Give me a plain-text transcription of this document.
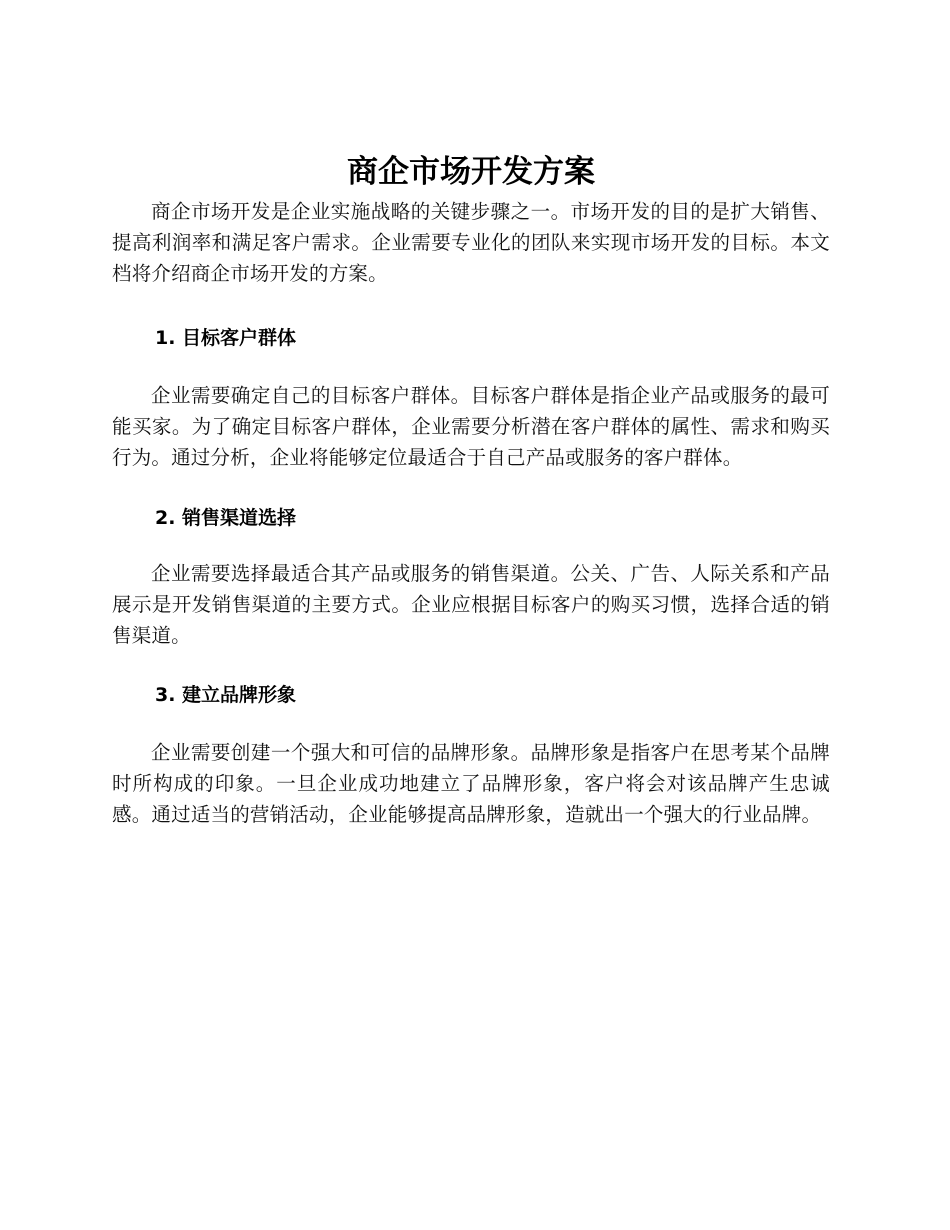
商企市场开发方案

商企市场开发是企业实施战略的关键步骤之一。市场开发的目的是扩大销售、提高利润率和满足客户需求。企业需要专业化的团队来实现市场开发的目标。本文档将介绍商企市场开发的方案。

1. 目标客户群体

企业需要确定自己的目标客户群体。目标客户群体是指企业产品或服务的最可能买家。为了确定目标客户群体，企业需要分析潜在客户群体的属性、需求和购买行为。通过分析，企业将能够定位最适合于自己产品或服务的客户群体。

2. 销售渠道选择

企业需要选择最适合其产品或服务的销售渠道。公关、广告、人际关系和产品展示是开发销售渠道的主要方式。企业应根据目标客户的购买习惯，选择合适的销售渠道。

3. 建立品牌形象

企业需要创建一个强大和可信的品牌形象。品牌形象是指客户在思考某个品牌时所构成的印象。一旦企业成功地建立了品牌形象，客户将会对该品牌产生忠诚感。通过适当的营销活动，企业能够提高品牌形象，造就出一个强大的行业品牌。
